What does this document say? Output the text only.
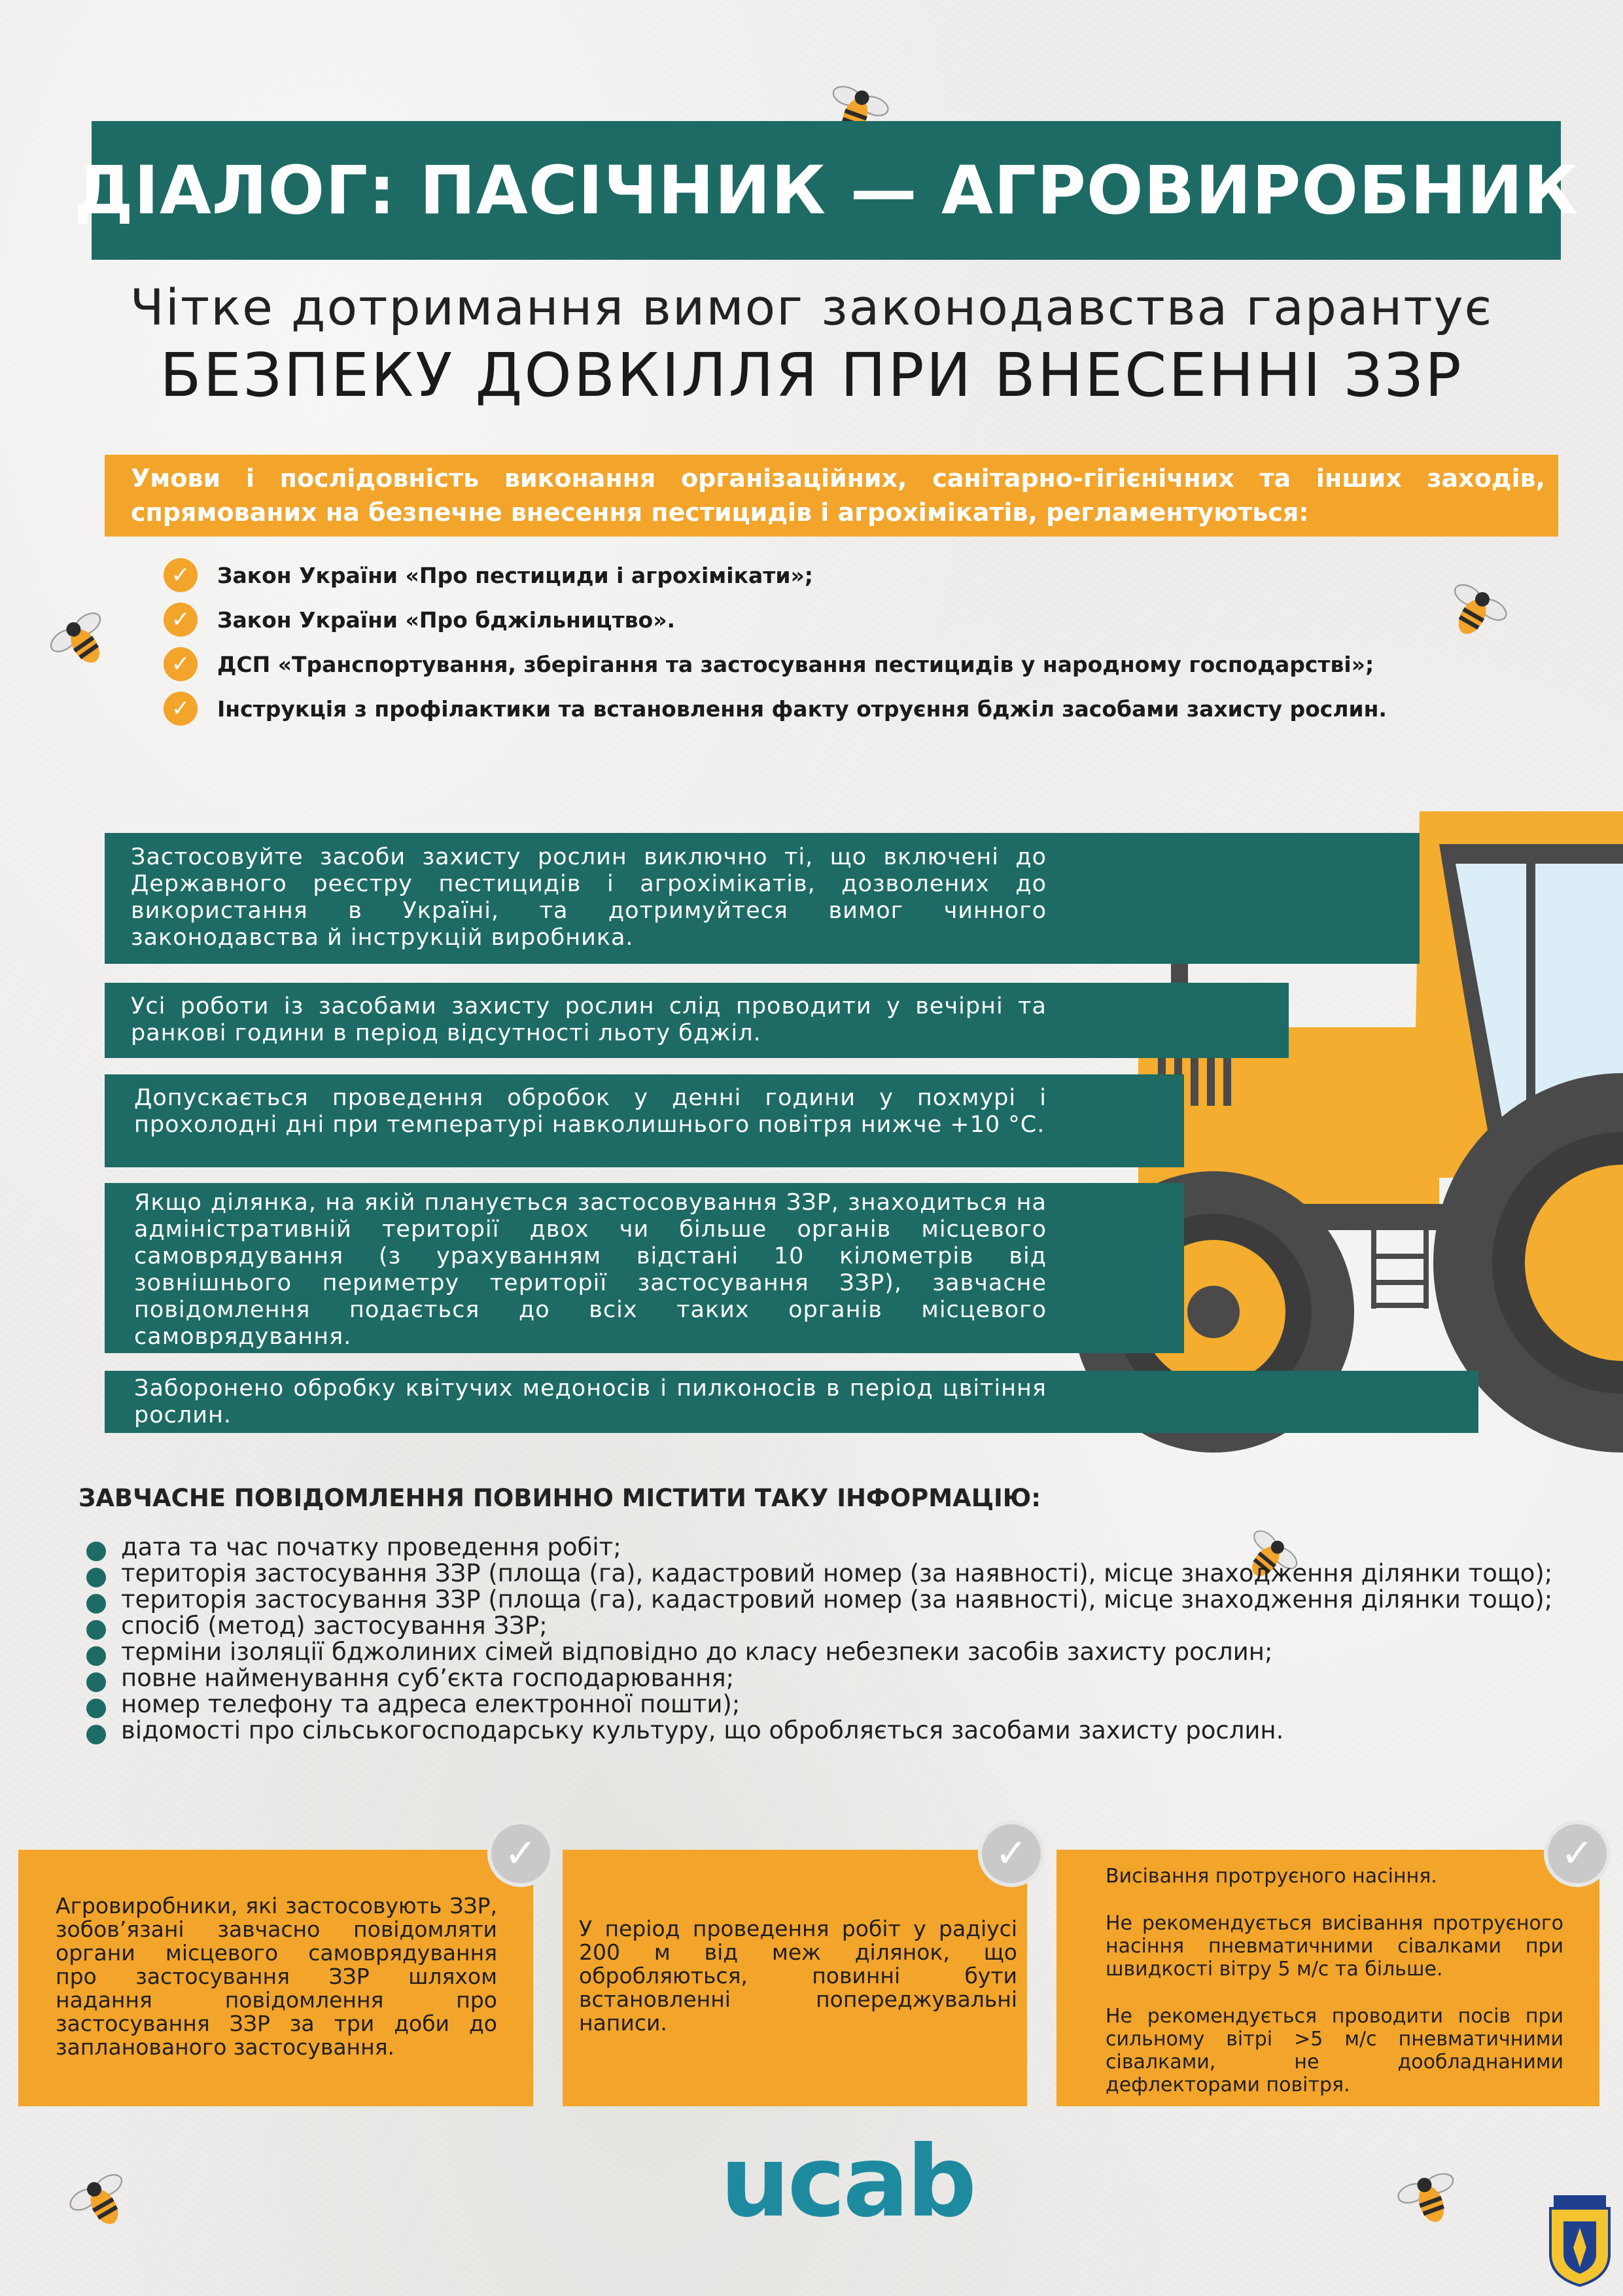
ДІАЛОГ: ПАСІЧНИК — АГРОВИРОБНИК
Чітке дотримання вимог законодавства гарантує
БЕЗПЕКУ ДОВКІЛЛЯ ПРИ ВНЕСЕННІ ЗЗР
Умови і послідовність виконання організаційних, санітарно-гігієнічних та інших заходів, спрямованих на безпечне внесення пестицидів і агрохімікатів, регламентуються:
✓	Закон України «Про пестициди і агрохімікати»;
✓	Закон України «Про бджільництво».
✓	ДСП «Транспортування, зберігання та застосування пестицидів у народному господарстві»;
✓	Інструкція з профілактики та встановлення факту отруєння бджіл засобами захисту рослин.
Застосовуйте засоби захисту рослин виключно ті, що включені до Державного реєстру пестицидів і агрохімікатів, дозволених до використання в Україні, та дотримуйтеся вимог чинного законодавства й інструкцій виробника.
Усі роботи із засобами захисту рослин слід проводити у вечірні та ранкові години в період відсутності льоту бджіл.
Допускається проведення обробок у денні години у похмурі і прохолодні дні при температурі навколишнього повітря нижче +10 °С.
Якщо ділянка, на якій планується застосовування ЗЗР, знаходиться на адміністративній території двох чи більше органів місцевого самоврядування (з урахуванням відстані 10 кілометрів від зовнішнього периметру території застосування ЗЗР), завчасне повідомлення подається до всіх таких органів місцевого самоврядування.
Заборонено обробку квітучих медоносів і пилконосів в період цвітіння рослин.
ЗАВЧАСНЕ ПОВІДОМЛЕННЯ ПОВИННО МІСТИТИ ТАКУ ІНФОРМАЦІЮ:
дата та час початку проведення робіт;
територія застосування ЗЗР (площа (га), кадастровий номер (за наявності), місце знаходження ділянки тощо);
територія застосування ЗЗР (площа (га), кадастровий номер (за наявності), місце знаходження ділянки тощо);
спосіб (метод) застосування ЗЗР;
терміни ізоляції бджолиних сімей відповідно до класу небезпеки засобів захисту рослин;
повне найменування суб’єкта господарювання;
номер телефону та адреса електронної пошти);
відомості про сільськогосподарську культуру, що обробляється засобами захисту рослин.
Агровиробники, які застосовують ЗЗР, зобов’язані завчасно повідомляти органи місцевого самоврядування про застосування ЗЗР шляхом надання повідомлення про застосування ЗЗР за три доби до запланованого застосування.
✓
У період проведення робіт у радіусі 200 м від меж ділянок, що обробляються, повинні бути встановленні попереджувальні написи.
✓	Висівання протруєного насіння.

Не рекомендується висівання протруєного насіння пневматичними сівалками при швидкості вітру 5 м/с та більше.

Не рекомендується проводити посів при сильному вітрі >5 м/с пневматичними сівалками, не дообладнаними дефлекторами повітря.

✓
ucab
